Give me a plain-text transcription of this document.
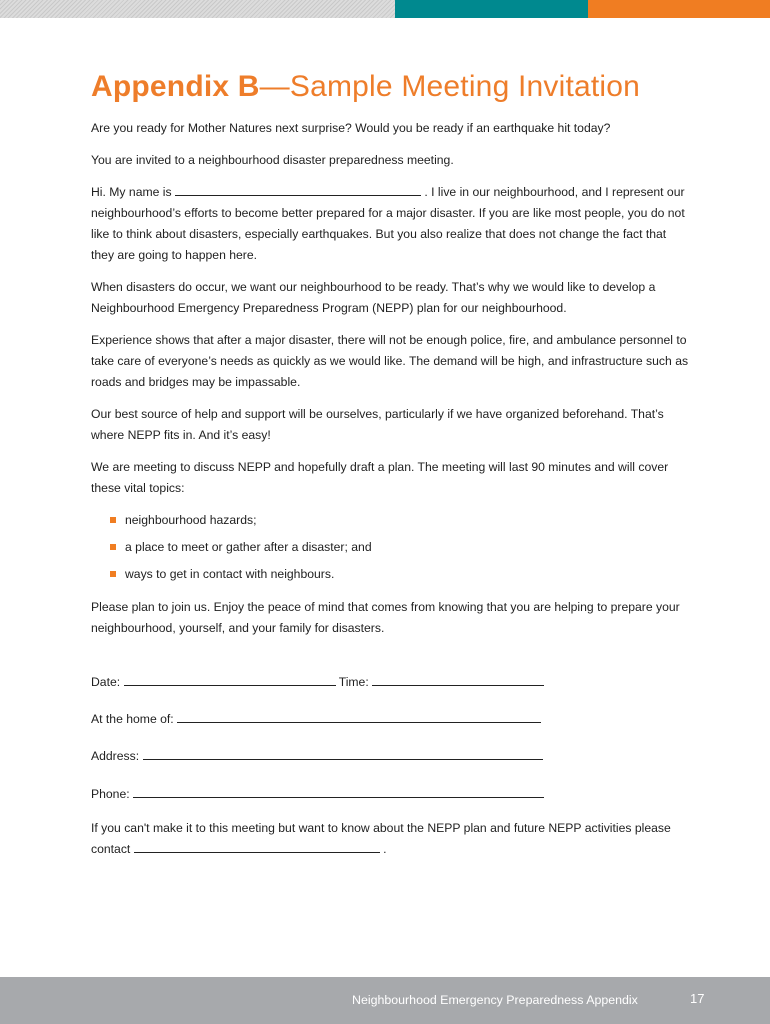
Appendix B—Sample Meeting Invitation

Are you ready for Mother Natures next surprise? Would you be ready if an earthquake hit today?

You are invited to a neighbourhood disaster preparedness meeting.

Hi. My name is	. I live in our neighbourhood, and I represent our neighbourhood’s efforts to become better prepared for a major disaster. If you are like most people, you do not like to think about disasters, especially earthquakes. But you also realize that does not change the fact that they are going to happen here.

When disasters do occur, we want our neighbourhood to be ready. That’s why we would like to develop a Neighbourhood Emergency Preparedness Program (NEPP) plan for our neighbourhood.

Experience shows that after a major disaster, there will not be enough police, fire, and ambulance personnel to take care of everyone’s needs as quickly as we would like. The demand will be high, and infrastructure such as roads and bridges may be impassable.

Our best source of help and support will be ourselves, particularly if we have organized beforehand. That’s where NEPP fits in. And it’s easy!

We are meeting to discuss NEPP and hopefully draft a plan. The meeting will last 90 minutes and will cover these vital topics:

neighbourhood hazards;
a place to meet or gather after a disaster; and
ways to get in contact with neighbours.

Please plan to join us. Enjoy the peace of mind that comes from knowing that you are helping to prepare your neighbourhood, yourself, and your family for disasters.

Date:	Time:
At the home of:
Address:
Phone:

If you can't make it to this meeting but want to know about the NEPP plan and future NEPP activities please contact	.

Neighbourhood Emergency Preparedness Appendix	17
